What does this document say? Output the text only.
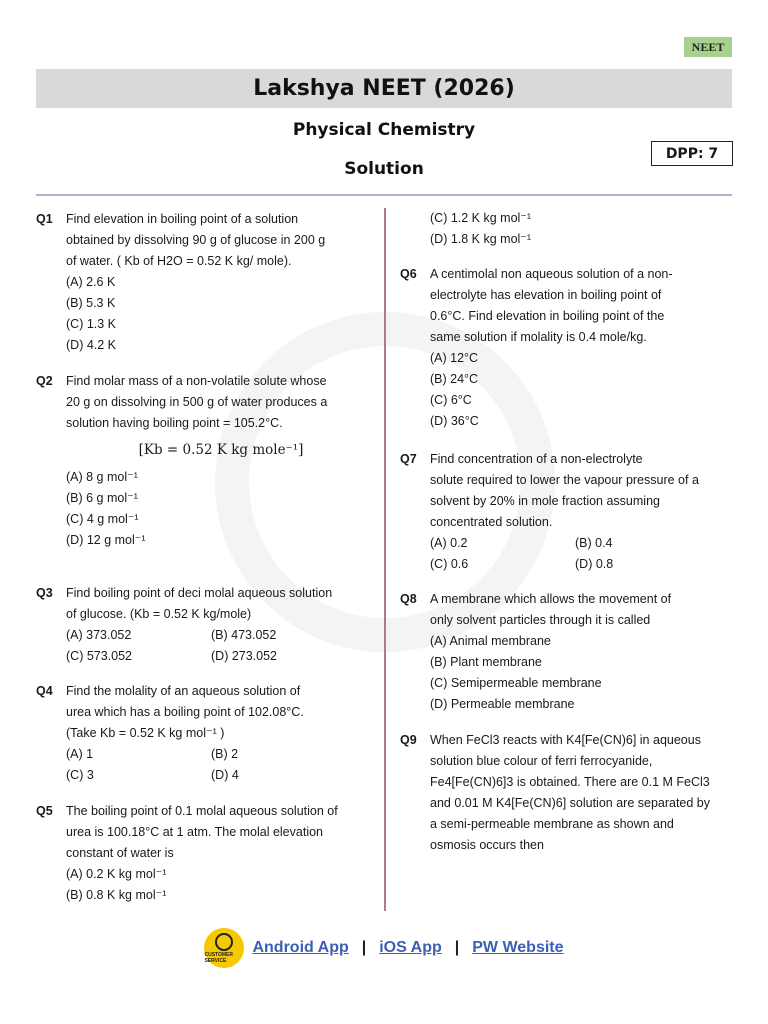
NEET
Lakshya NEET (2026)
Physical Chemistry
Solution
DPP: 7
Q1 Find elevation in boiling point of a solution
obtained by dissolving 90 g of glucose in 200 g
of water. ( Kb of H2O = 0.52 K kg/ mole).
(A) 2.6 K
(B) 5.3 K
(C) 1.3 K
(D) 4.2 K
Q2 Find molar mass of a non-volatile solute whose
20 g on dissolving in 500 g of water produces a
solution having boiling point = 105.2°C.
[Kb = 0.52 K kg mole⁻¹]
(A) 8 g mol⁻¹
(B) 6 g mol⁻¹
(C) 4 g mol⁻¹
(D) 12 g mol⁻¹
Q3 Find boiling point of deci molal aqueous solution
of glucose. (Kb = 0.52 K kg/mole)
(A) 373.052	(B) 473.052
(C) 573.052	(D) 273.052
Q4 Find the molality of an aqueous solution of
urea which has a boiling point of 102.08°C.
(Take Kb = 0.52 K kg mol⁻¹ )
(A) 1	(B) 2
(C) 3	(D) 4
Q5 The boiling point of 0.1 molal aqueous solution of
urea is 100.18°C at 1 atm. The molal elevation
constant of water is
(A) 0.2 K kg mol⁻¹
(B) 0.8 K kg mol⁻¹
(C) 1.2 K kg mol⁻¹
(D) 1.8 K kg mol⁻¹
Q6 A centimolal non aqueous solution of a non-
electrolyte has elevation in boiling point of
0.6°C. Find elevation in boiling point of the
same solution if molality is 0.4 mole/kg.
(A) 12°C
(B) 24°C
(C) 6°C
(D) 36°C
Q7 Find concentration of a non-electrolyte
solute required to lower the vapour pressure of a
solvent by 20% in mole fraction assuming
concentrated solution.
(A) 0.2	(B) 0.4
(C) 0.6	(D) 0.8
Q8 A membrane which allows the movement of
only solvent particles through it is called
(A) Animal membrane
(B) Plant membrane
(C) Semipermeable membrane
(D) Permeable membrane
Q9 When FeCl3 reacts with K4[Fe(CN)6] in aqueous
solution blue colour of ferri ferrocyanide,
Fe4[Fe(CN)6]3 is obtained. There are 0.1 M FeCl3
and 0.01 M K4[Fe(CN)6] solution are separated by
a semi-permeable membrane as shown and
osmosis occurs then
CUSTOMER SERVICE
Android App | iOS App | PW Website
